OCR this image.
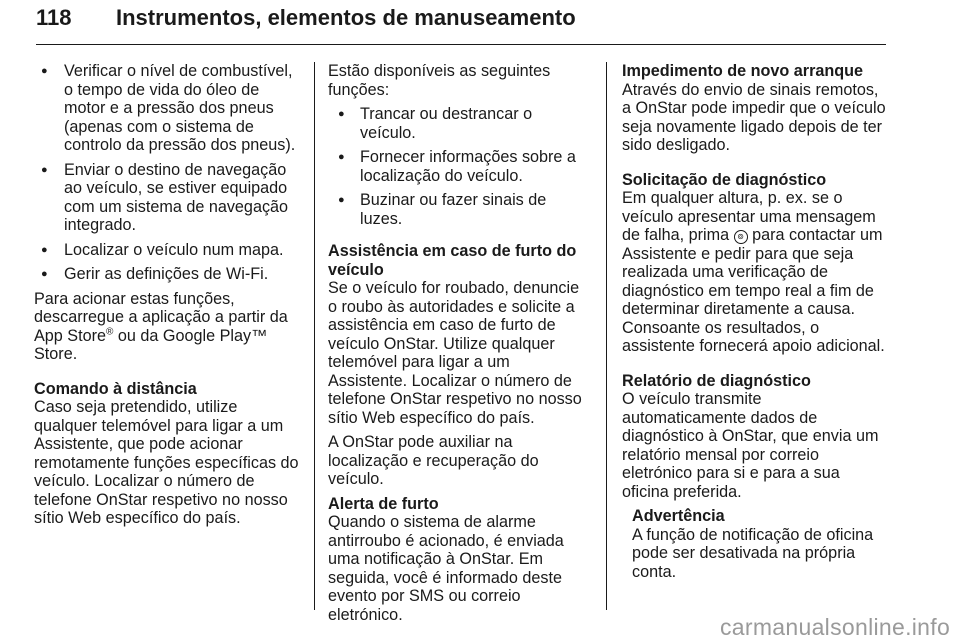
118 Instrumentos, elementos de manuseamento
● Verificar o nível de combustível, o tempo de vida do óleo de motor e a pressão dos pneus (apenas com o sistema de controlo da pressão dos pneus).
● Enviar o destino de navegação ao veículo, se estiver equipado com um sistema de navegação integrado.
● Localizar o veículo num mapa.
● Gerir as definições de Wi-Fi.

Para acionar estas funções, descarregue a aplicação a partir da App Store® ou da Google Play™ Store.

Comando à distância
Caso seja pretendido, utilize qualquer telemóvel para ligar a um Assistente, que pode acionar remotamente funções específicas do veículo. Localizar o número de telefone OnStar respetivo no nosso sítio Web específico do país.

Estão disponíveis as seguintes funções:

● Trancar ou destrancar o veículo.
● Fornecer informações sobre a localização do veículo.
● Buzinar ou fazer sinais de luzes.

Assistência em caso de furto do veículo
Se o veículo for roubado, denuncie o roubo às autoridades e solicite a assistência em caso de furto de veículo OnStar. Utilize qualquer telemóvel para ligar a um Assistente. Localizar o número de telefone OnStar respetivo no nosso sítio Web específico do país.

A OnStar pode auxiliar na localização e recuperação do veículo.

Alerta de furto
Quando o sistema de alarme antirroubo é acionado, é enviada uma notificação à OnStar. Em seguida, você é informado deste evento por SMS ou correio eletrónico.

Impedimento de novo arranque
Através do envio de sinais remotos, a OnStar pode impedir que o veículo seja novamente ligado depois de ter sido desligado.

Solicitação de diagnóstico
Em qualquer altura, p. ex. se o veículo apresentar uma mensagem de falha, prima ⊚ para contactar um Assistente e pedir para que seja realizada uma verificação de diagnóstico em tempo real a fim de determinar diretamente a causa. Consoante os resultados, o assistente fornecerá apoio adicional.

Relatório de diagnóstico
O veículo transmite automaticamente dados de diagnóstico à OnStar, que envia um relatório mensal por correio eletrónico para si e para a sua oficina preferida.

Advertência
A função de notificação de oficina pode ser desativada na própria conta.

carmanualsonline.info
